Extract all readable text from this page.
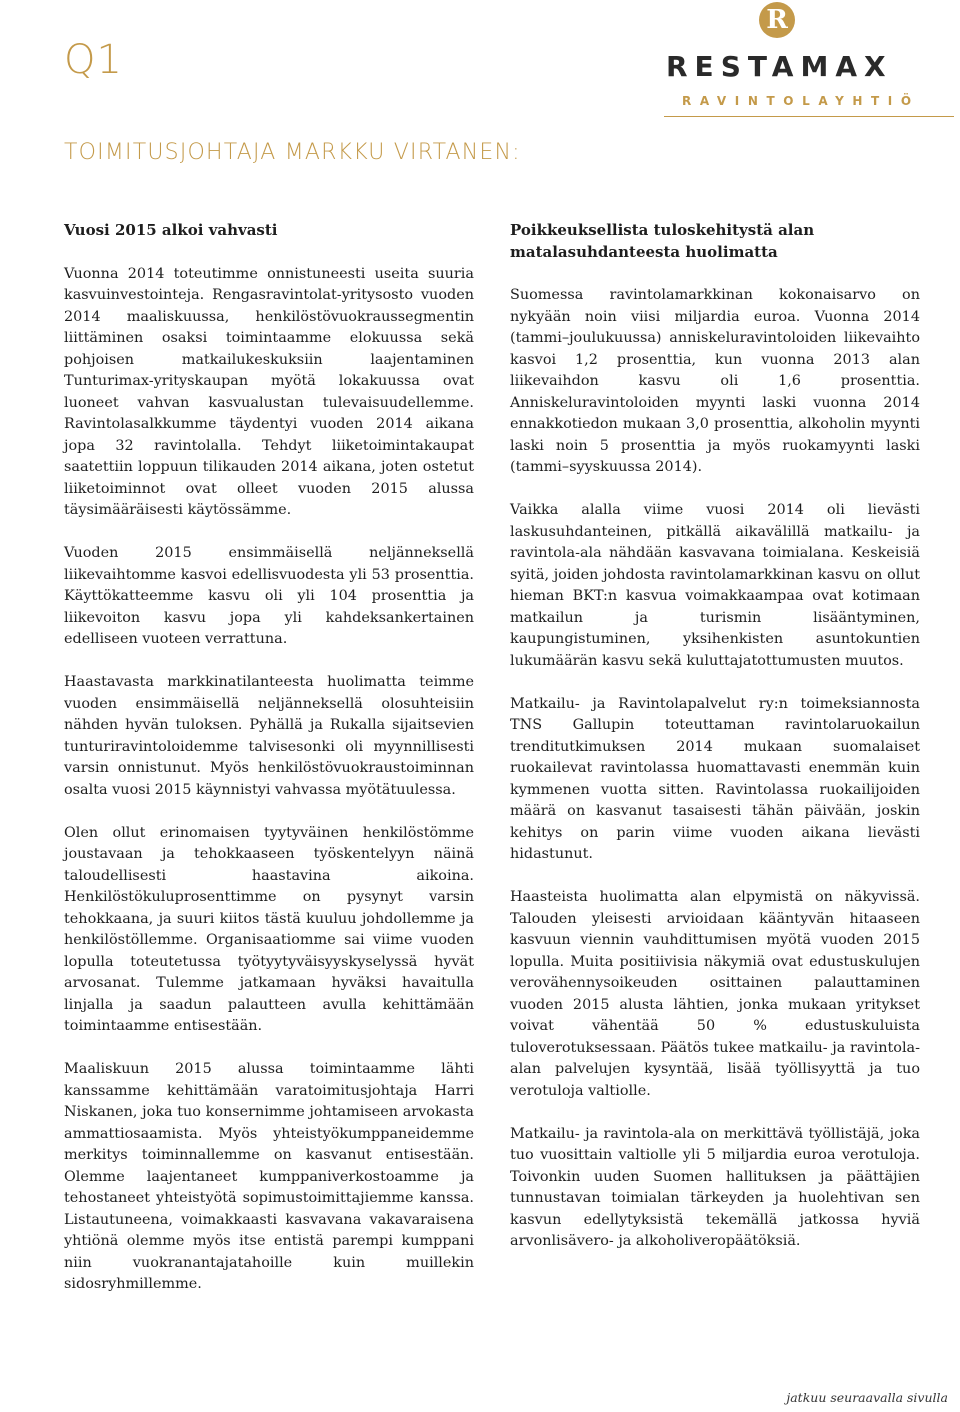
Q1
R
RESTAMAX
RAVINTOLAYHTIÖ
TOIMITUSJOHTAJA MARKKU VIRTANEN:
Vuosi 2015 alkoi vahvasti

Vuonna 2014 toteutimme onnistuneesti useita suuria kasvuinvestointeja. Rengasravintolat-yritysosto vuoden 2014 maaliskuussa, henkilöstövuokraussegmentin liittäminen osaksi toimintaamme elokuussa sekä pohjoisen matkailukeskuksiin laajentaminen Tunturimax-yrityskaupan myötä lokakuussa ovat luoneet vahvan kasvualustan tulevaisuudellemme. Ravintolasalkkumme täydentyi vuoden 2014 aikana jopa 32 ravintolalla. Tehdyt liiketoimintakaupat saatettiin loppuun tilikauden 2014 aikana, joten ostetut liiketoiminnot ovat olleet vuoden 2015 alussa täysimääräisesti käytössämme.

Vuoden 2015 ensimmäisellä neljänneksellä liikevaihtomme kasvoi edellisvuodesta yli 53 prosenttia. Käyttökatteemme kasvu oli yli 104 prosenttia ja liikevoiton kasvu jopa yli kahdeksankertainen edelliseen vuoteen verrattuna.

Haastavasta markkinatilanteesta huolimatta teimme vuoden ensimmäisellä neljänneksellä olosuhteisiin nähden hyvän tuloksen. Pyhällä ja Rukalla sijaitsevien tunturiravintoloidemme talvisesonki oli myynnillisesti varsin onnistunut. Myös henkilöstövuokraustoiminnan osalta vuosi 2015 käynnistyi vahvassa myötätuulessa.

Olen ollut erinomaisen tyytyväinen henkilöstömme joustavaan ja tehokkaaseen työskentelyyn näinä taloudellisesti haastavina aikoina. Henkilöstökuluprosenttimme on pysynyt varsin tehokkaana, ja suuri kiitos tästä kuuluu johdollemme ja henkilöstöllemme. Organisaatiomme sai viime vuoden lopulla toteutetussa työtyytyväisyyskyselyssä hyvät arvosanat. Tulemme jatkamaan hyväksi havaitulla linjalla ja saadun palautteen avulla kehittämään toimintaamme entisestään.

Maaliskuun 2015 alussa toimintaamme lähti kanssamme kehittämään varatoimitusjohtaja Harri Niskanen, joka tuo konsernimme johtamiseen arvokasta ammattiosaamista. Myös yhteistyökumppaneidemme merkitys toiminnallemme on kasvanut entisestään. Olemme laajentaneet kumppaniverkostoamme ja tehostaneet yhteistyötä sopimustoimittajiemme kanssa. Listautuneena, voimakkaasti kasvavana vakavaraisena yhtiönä olemme myös itse entistä parempi kumppani niin vuokranantajatahoille kuin muillekin sidosryhmillemme.

Poikkeuksellista tuloskehitystä alan matalasuhdanteesta huolimatta

Suomessa ravintolamarkkinan kokonaisarvo on nykyään noin viisi miljardia euroa. Vuonna 2014 (tammi–joulukuussa) anniskeluravintoloiden liikevaihto kasvoi 1,2 prosenttia, kun vuonna 2013 alan liikevaihdon kasvu oli 1,6 prosenttia. Anniskeluravintoloiden myynti laski vuonna 2014 ennakkotiedon mukaan 3,0 prosenttia, alkoholin myynti laski noin 5 prosenttia ja myös ruokamyynti laski (tammi–syyskuussa 2014).

Vaikka alalla viime vuosi 2014 oli lievästi laskusuhdanteinen, pitkällä aikavälillä matkailu- ja ravintola-ala nähdään kasvavana toimialana. Keskeisiä syitä, joiden johdosta ravintolamarkkinan kasvu on ollut hieman BKT:n kasvua voimakkaampaa ovat kotimaan matkailun ja turismin lisääntyminen, kaupungistuminen, yksihenkisten asuntokuntien lukumäärän kasvu sekä kuluttajatottumusten muutos.

Matkailu- ja Ravintolapalvelut ry:n toimeksiannosta TNS Gallupin toteuttaman ravintolaruokailun trenditutkimuksen 2014 mukaan suomalaiset ruokailevat ravintolassa huomattavasti enemmän kuin kymmenen vuotta sitten. Ravintolassa ruokailijoiden määrä on kasvanut tasaisesti tähän päivään, joskin kehitys on parin viime vuoden aikana lievästi hidastunut.

Haasteista huolimatta alan elpymistä on näkyvissä. Talouden yleisesti arvioidaan kääntyvän hitaaseen kasvuun viennin vauhdittumisen myötä vuoden 2015 lopulla. Muita positiivisia näkymiä ovat edustuskulujen verovähennysoikeuden osittainen palauttaminen vuoden 2015 alusta lähtien, jonka mukaan yritykset voivat vähentää 50 % edustuskuluista tuloverotuksessaan. Päätös tukee matkailu- ja ravintola-alan palvelujen kysyntää, lisää työllisyyttä ja tuo verotuloja valtiolle.

Matkailu- ja ravintola-ala on merkittävä työllistäjä, joka tuo vuosittain valtiolle yli 5 miljardia euroa verotuloja. Toivonkin uuden Suomen hallituksen ja päättäjien tunnustavan toimialan tärkeyden ja huolehtivan sen kasvun edellytyksistä tekemällä jatkossa hyviä arvonlisävero- ja alkoholiveropäätöksiä.

jatkuu seuraavalla sivulla
